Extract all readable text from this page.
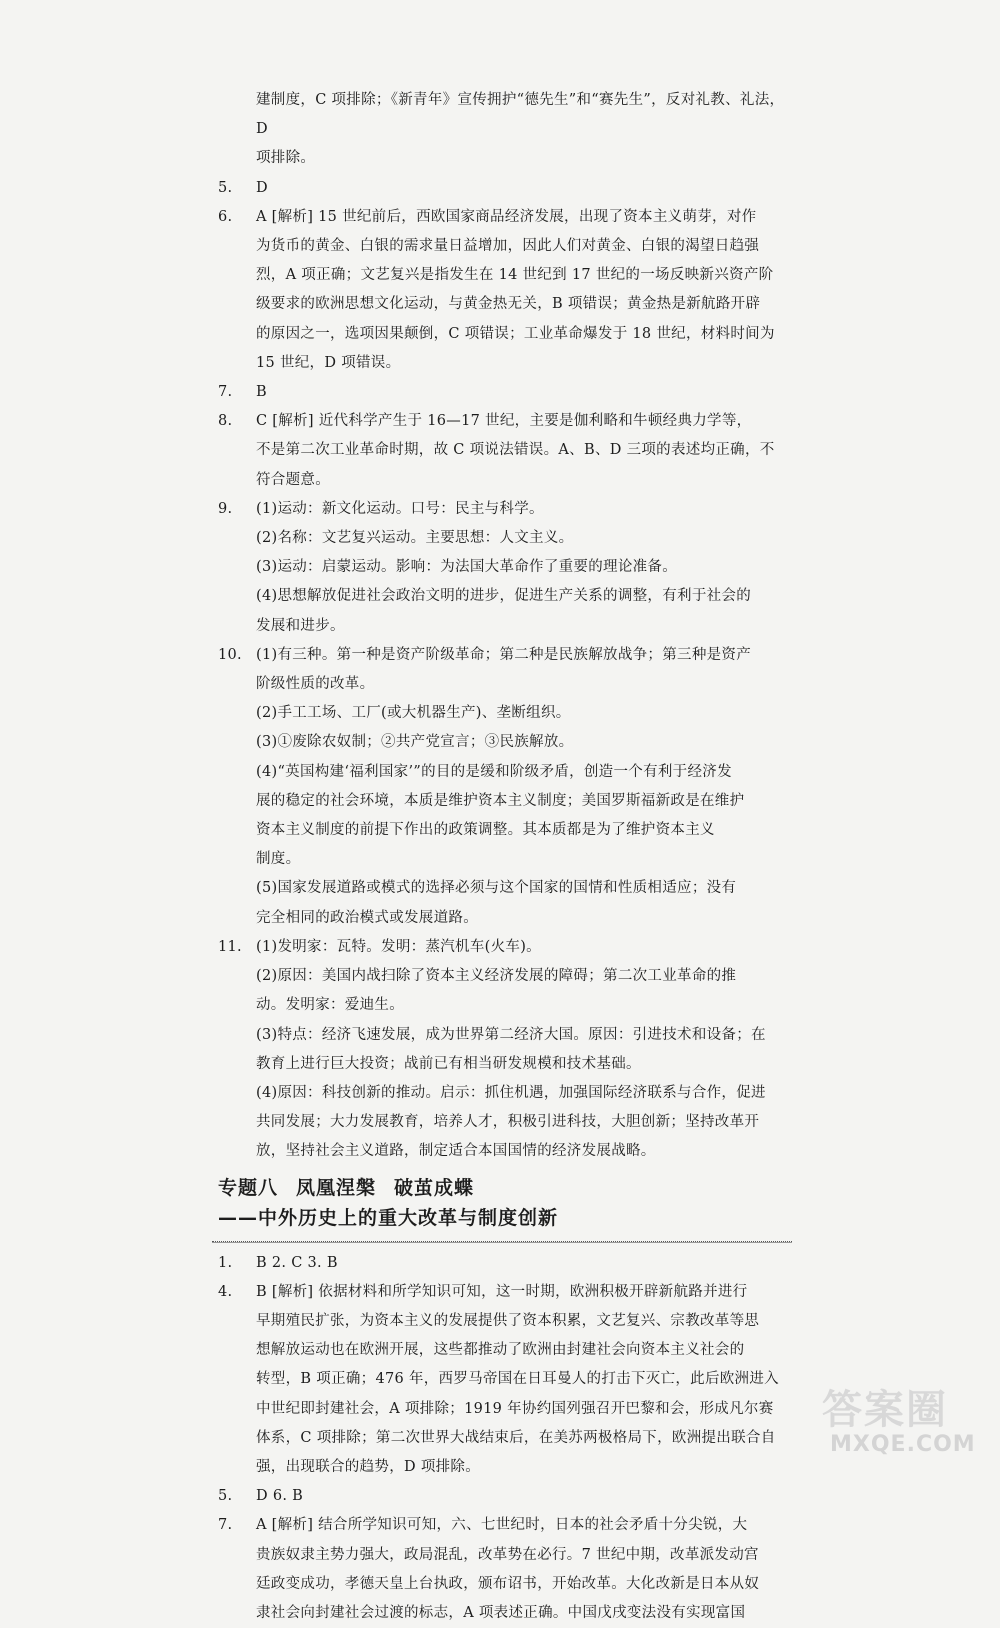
建制度，C 项排除；《新青年》宣传拥护“德先生”和“赛先生”，反对礼教、礼法，D
项排除。
5. D
6. A [解析] 15 世纪前后，西欧国家商品经济发展，出现了资本主义萌芽，对作
为货币的黄金、白银的需求量日益增加，因此人们对黄金、白银的渴望日趋强
烈，A 项正确；文艺复兴是指发生在 14 世纪到 17 世纪的一场反映新兴资产阶
级要求的欧洲思想文化运动，与黄金热无关，B 项错误；黄金热是新航路开辟
的原因之一，选项因果颠倒，C 项错误；工业革命爆发于 18 世纪，材料时间为
15 世纪，D 项错误。
7. B
8. C [解析] 近代科学产生于 16—17 世纪，主要是伽利略和牛顿经典力学等，
不是第二次工业革命时期，故 C 项说法错误。A、B、D 三项的表述均正确，不
符合题意。
9. (1)运动：新文化运动。口号：民主与科学。
(2)名称：文艺复兴运动。主要思想：人文主义。
(3)运动：启蒙运动。影响：为法国大革命作了重要的理论准备。
(4)思想解放促进社会政治文明的进步，促进生产关系的调整，有利于社会的
发展和进步。
10. (1)有三种。第一种是资产阶级革命；第二种是民族解放战争；第三种是资产
阶级性质的改革。
(2)手工工场、工厂(或大机器生产)、垄断组织。
(3)①废除农奴制；②共产党宣言；③民族解放。
(4)“英国构建‘福利国家’”的目的是缓和阶级矛盾，创造一个有利于经济发
展的稳定的社会环境，本质是维护资本主义制度；美国罗斯福新政是在维护
资本主义制度的前提下作出的政策调整。其本质都是为了维护资本主义
制度。
(5)国家发展道路或模式的选择必须与这个国家的国情和性质相适应；没有
完全相同的政治模式或发展道路。
11. (1)发明家：瓦特。发明：蒸汽机车(火车)。
(2)原因：美国内战扫除了资本主义经济发展的障碍；第二次工业革命的推
动。发明家：爱迪生。
(3)特点：经济飞速发展，成为世界第二经济大国。原因：引进技术和设备；在
教育上进行巨大投资；战前已有相当研发规模和技术基础。
(4)原因：科技创新的推动。启示：抓住机遇，加强国际经济联系与合作，促进
共同发展；大力发展教育，培养人才，积极引进科技，大胆创新；坚持改革开
放，坚持社会主义道路，制定适合本国国情的经济发展战略。
专题八 凤凰涅槃 破茧成蝶
——中外历史上的重大改革与制度创新
1. B 2. C 3. B
4. B [解析] 依据材料和所学知识可知，这一时期，欧洲积极开辟新航路并进行
早期殖民扩张，为资本主义的发展提供了资本积累，文艺复兴、宗教改革等思
想解放运动也在欧洲开展，这些都推动了欧洲由封建社会向资本主义社会的
转型，B 项正确；476 年，西罗马帝国在日耳曼人的打击下灭亡，此后欧洲进入
中世纪即封建社会，A 项排除；1919 年协约国列强召开巴黎和会，形成凡尔赛
体系，C 项排除；第二次世界大战结束后，在美苏两极格局下，欧洲提出联合自
强，出现联合的趋势，D 项排除。
5. D 6. B
7. A [解析] 结合所学知识可知，六、七世纪时，日本的社会矛盾十分尖锐，大
贵族奴隶主势力强大，政局混乱，改革势在必行。7 世纪中期，改革派发动宫
廷政变成功，孝德天皇上台执政，颁布诏书，开始改革。大化改新是日本从奴
隶社会向封建社会过渡的标志，A 项表述正确。中国戊戌变法没有实现富国
答案圈
MXQE.COM
